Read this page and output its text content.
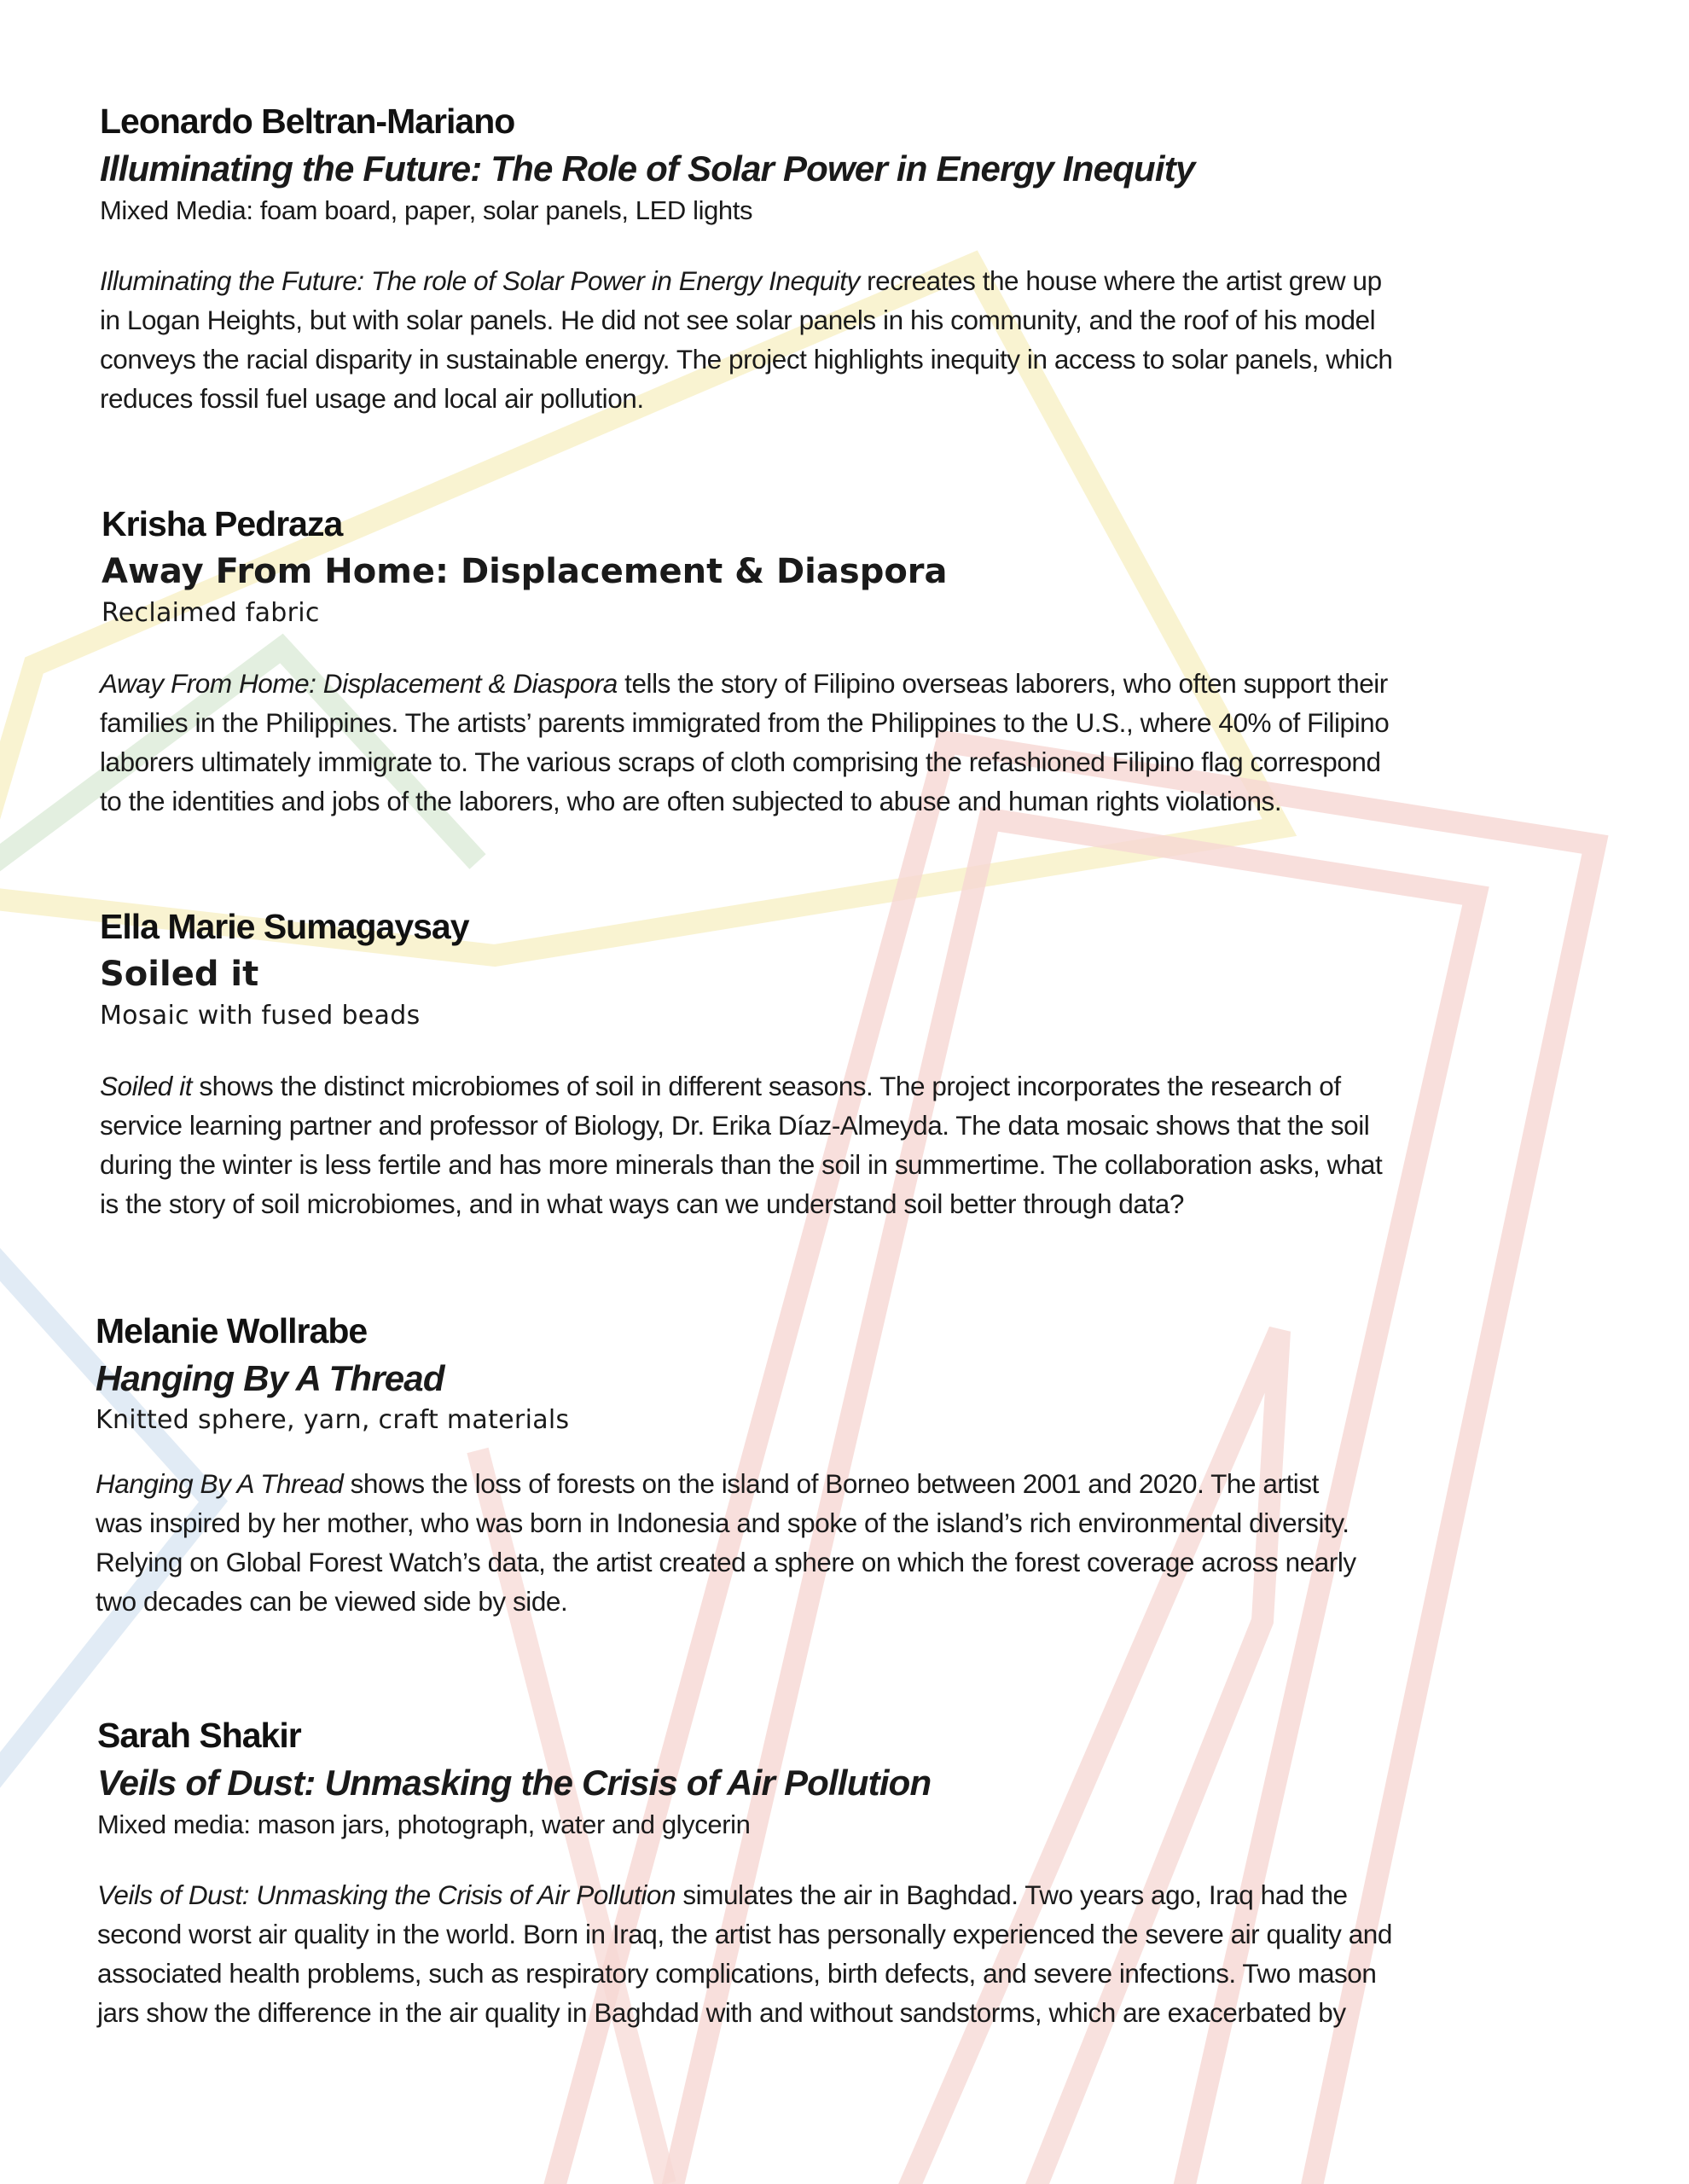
Leonardo Beltran-Mariano
Illuminating the Future: The Role of Solar Power in Energy Inequity

Mixed Media: foam board, paper, solar panels, LED lights

Illuminating the Future: The role of Solar Power in Energy Inequity recreates the house where the artist grew up
in Logan Heights, but with solar panels. He did not see solar panels in his community, and the roof of his model
conveys the racial disparity in sustainable energy. The project highlights inequity in access to solar panels, which
reduces fossil fuel usage and local air pollution.

Krisha Pedraza
Away From Home: Displacement & Diaspora

Reclaimed fabric

Away From Home: Displacement & Diaspora tells the story of Filipino overseas laborers, who often support their
families in the Philippines. The artists’ parents immigrated from the Philippines to the U.S., where 40% of Filipino
laborers ultimately immigrate to. The various scraps of cloth comprising the refashioned Filipino flag correspond
to the identities and jobs of the laborers, who are often subjected to abuse and human rights violations.

Ella Marie Sumagaysay
Soiled it

Mosaic with fused beads

Soiled it shows the distinct microbiomes of soil in different seasons. The project incorporates the research of
service learning partner and professor of Biology, Dr. Erika Díaz-Almeyda. The data mosaic shows that the soil
during the winter is less fertile and has more minerals than the soil in summertime. The collaboration asks, what
is the story of soil microbiomes, and in what ways can we understand soil better through data?

Melanie Wollrabe
Hanging By A Thread

Knitted sphere, yarn, craft materials

Hanging By A Thread shows the loss of forests on the island of Borneo between 2001 and 2020. The artist
was inspired by her mother, who was born in Indonesia and spoke of the island’s rich environmental diversity.
Relying on Global Forest Watch’s data, the artist created a sphere on which the forest coverage across nearly
two decades can be viewed side by side.

Sarah Shakir
Veils of Dust: Unmasking the Crisis of Air Pollution

Mixed media: mason jars, photograph, water and glycerin

Veils of Dust: Unmasking the Crisis of Air Pollution simulates the air in Baghdad. Two years ago, Iraq had the
second worst air quality in the world. Born in Iraq, the artist has personally experienced the severe air quality and
associated health problems, such as respiratory complications, birth defects, and severe infections. Two mason
jars show the difference in the air quality in Baghdad with and without sandstorms, which are exacerbated by
